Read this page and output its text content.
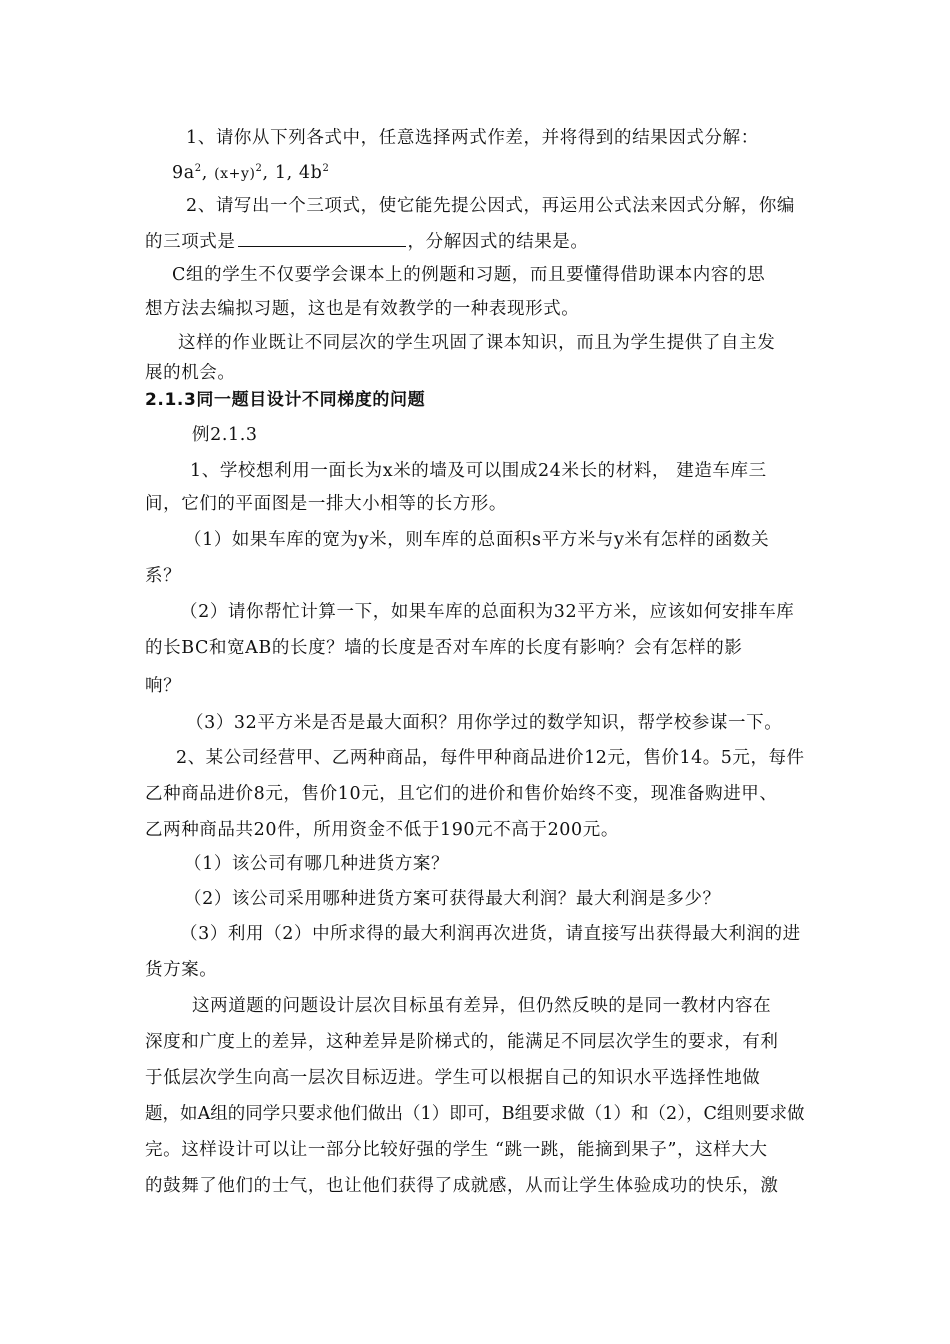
1、请你从下列各式中，任意选择两式作差，并将得到的结果因式分解：
$9a^2$, $(x+y)^2$, 1, $4b^2$
2、请写出一个三项式，使它能先提公因式，再运用公式法来因式分解，你编
的三项式是	，分解因式的结果是。
C组的学生不仅要学会课本上的例题和习题，而且要懂得借助课本内容的思
想方法去编拟习题，这也是有效教学的一种表现形式。
这样的作业既让不同层次的学生巩固了课本知识，而且为学生提供了自主发
展的机会。
2.1.3同一题目设计不同梯度的问题
例2.1.3
1、学校想利用一面长为x米的墙及可以围成24米长的材料， 建造车库三
间，它们的平面图是一排大小相等的长方形。
（1）如果车库的宽为y米，则车库的总面积s平方米与y米有怎样的函数关
系？
（2）请你帮忙计算一下，如果车库的总面积为32平方米，应该如何安排车库
的长BC和宽AB的长度？墙的长度是否对车库的长度有影响？会有怎样的影
响？
（3）32平方米是否是最大面积？用你学过的数学知识，帮学校参谋一下。
2、某公司经营甲、乙两种商品，每件甲种商品进价12元，售价14。5元，每件
乙种商品进价8元，售价10元，且它们的进价和售价始终不变，现准备购进甲、
乙两种商品共20件，所用资金不低于190元不高于200元。
（1）该公司有哪几种进货方案？
（2）该公司采用哪种进货方案可获得最大利润？最大利润是多少？
（3）利用（2）中所求得的最大利润再次进货，请直接写出获得最大利润的进
货方案。
这两道题的问题设计层次目标虽有差异，但仍然反映的是同一教材内容在
深度和广度上的差异，这种差异是阶梯式的，能满足不同层次学生的要求，有利
于低层次学生向高一层次目标迈进。学生可以根据自己的知识水平选择性地做
题，如A组的同学只要求他们做出（1）即可，B组要求做（1）和（2），C组则要求做
完。这样设计可以让一部分比较好强的学生 “跳一跳，能摘到果子”，这样大大
的鼓舞了他们的士气，也让他们获得了成就感，从而让学生体验成功的快乐，激
